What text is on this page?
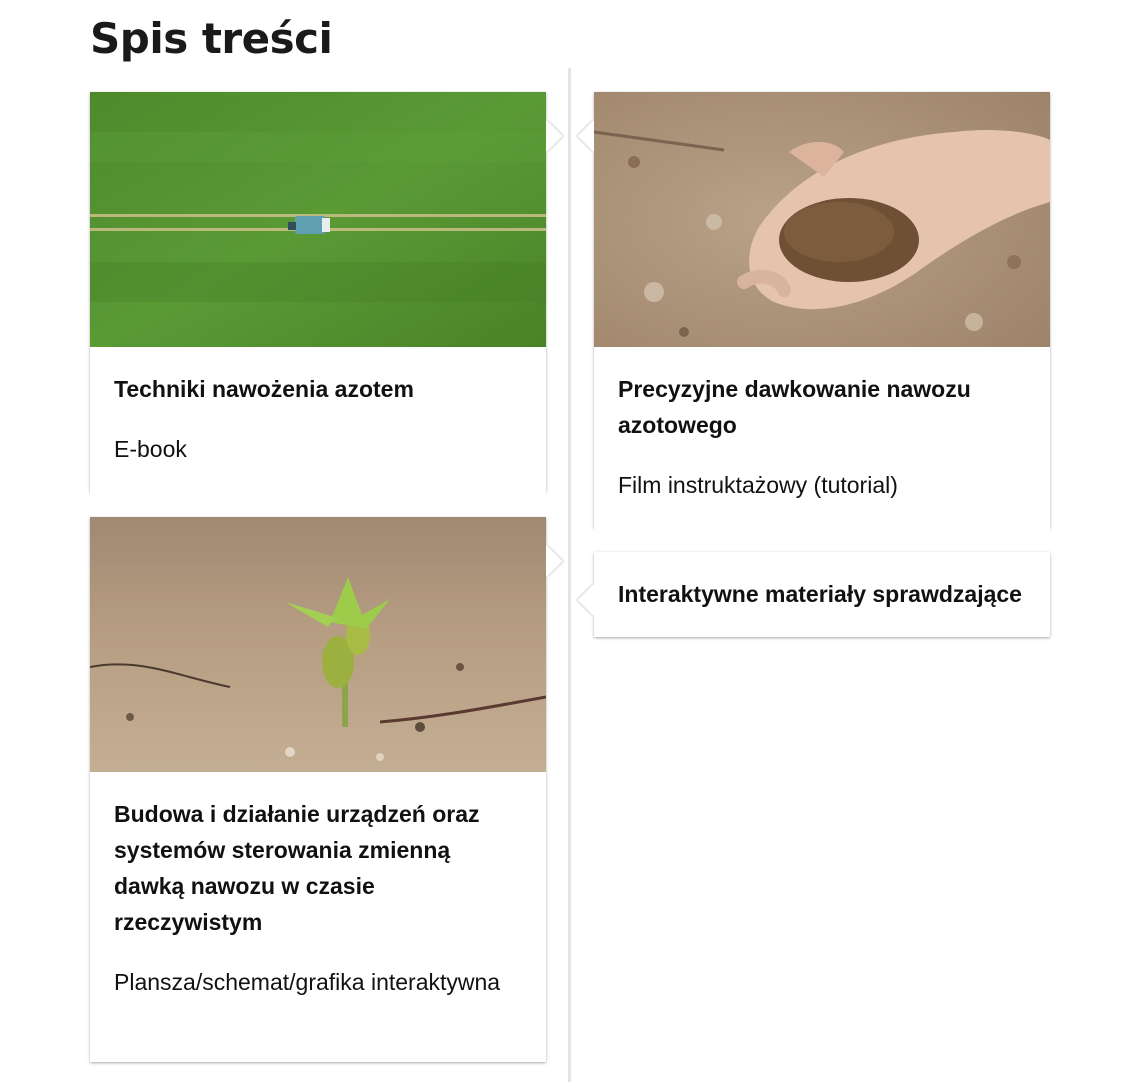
Spis treści

Techniki nawożenia azotem

E-book

Precyzyjne dawkowanie nawozu azotowego

Film instruktażowy (tutorial)

Budowa i działanie urządzeń oraz systemów sterowania zmienną dawką nawozu w czasie rzeczywistym

Plansza/schemat/grafika interaktywna

Interaktywne materiały sprawdzające
